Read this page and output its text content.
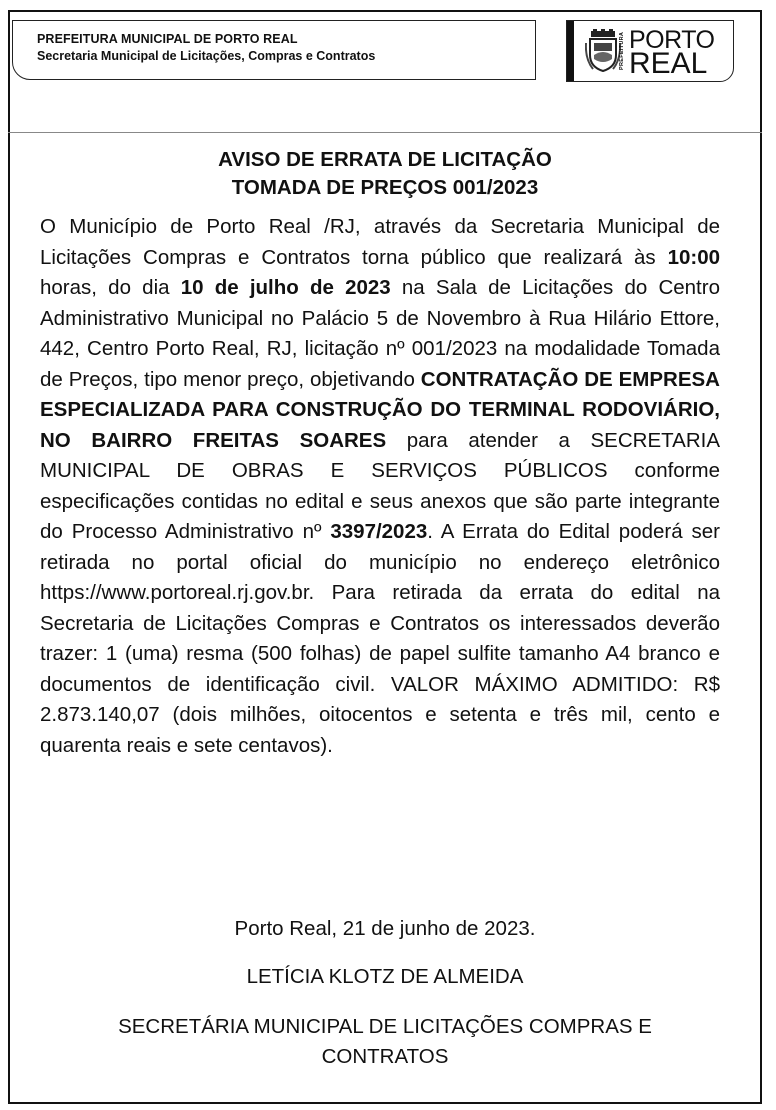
PREFEITURA MUNICIPAL DE PORTO REAL
Secretaria Municipal de Licitações, Compras e Contratos	PREFEITURA PORTO
REAL
AVISO DE ERRATA DE LICITAÇÃO
TOMADA DE PREÇOS 001/2023
O Município de Porto Real /RJ, através da Secretaria Municipal de Licitações Compras e Contratos torna público que realizará às 10:00 horas, do dia 10 de julho de 2023 na Sala de Licitações do Centro Administrativo Municipal no Palácio 5 de Novembro à Rua Hilário Ettore, 442, Centro Porto Real, RJ, licitação nº 001/2023 na modalidade Tomada de Preços, tipo menor preço, objetivando CONTRATAÇÃO DE EMPRESA ESPECIALIZADA PARA CONSTRUÇÃO DO TERMINAL RODOVIÁRIO, NO BAIRRO FREITAS SOARES para atender a SECRETARIA MUNICIPAL DE OBRAS E SERVIÇOS PÚBLICOS conforme especificações contidas no edital e seus anexos que são parte integrante do Processo Administrativo nº 3397/2023. A Errata do Edital poderá ser retirada no portal oficial do município no endereço eletrônico https://www.portoreal.rj.gov.br. Para retirada da errata do edital na Secretaria de Licitações Compras e Contratos os interessados deverão trazer: 1 (uma) resma (500 folhas) de papel sulfite tamanho A4 branco e documentos de identificação civil. VALOR MÁXIMO ADMITIDO: R$ 2.873.140,07 (dois milhões, oitocentos e setenta e três mil, cento e quarenta reais e sete centavos).
Porto Real, 21 de junho de 2023.
LETÍCIA KLOTZ DE ALMEIDA
SECRETÁRIA MUNICIPAL DE LICITAÇÕES COMPRAS E CONTRATOS
